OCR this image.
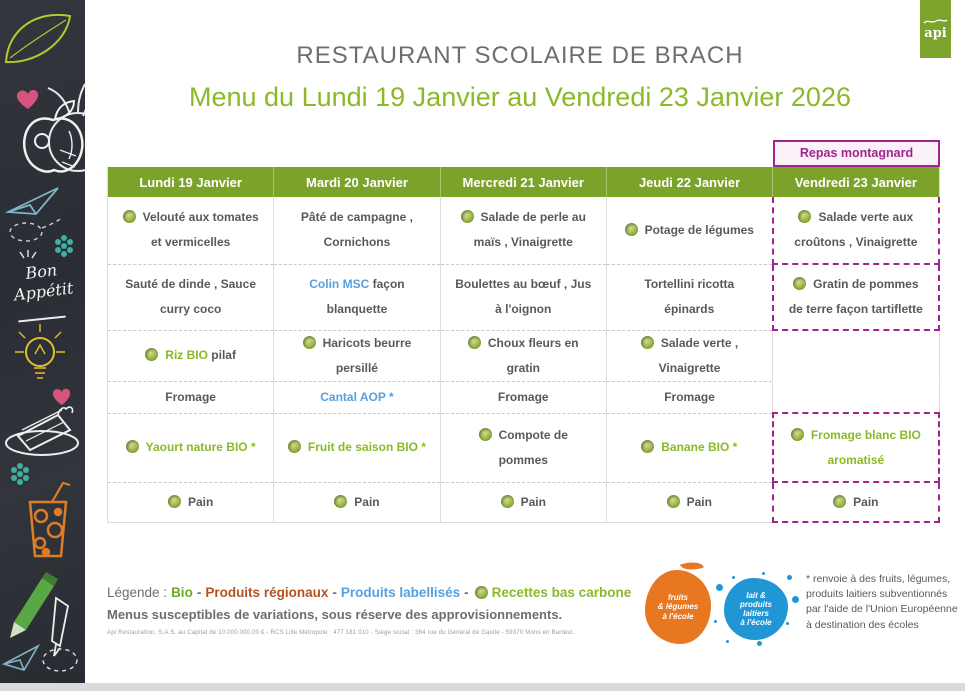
Bon Appétit
api
RESTAURANT SCOLAIRE DE BRACH
Menu du Lundi 19 Janvier au Vendredi 23 Janvier 2026
Repas montagnard
Lundi 19 Janvier	Mardi 20 Janvier	Mercredi 21 Janvier	Jeudi 22 Janvier	Vendredi 23 Janvier
Velouté aux tomates et vermicelles	Pâté de campagne , Cornichons	Salade de perle au maïs , Vinaigrette	Potage de légumes	Salade verte aux croûtons , Vinaigrette
Sauté de dinde , Sauce curry coco	Colin MSC façon blanquette	Boulettes au bœuf , Jus à l'oignon	Tortellini ricotta épinards	Gratin de pommes de terre façon tartiflette
Riz BIO pilaf	Haricots beurre persillé	Choux fleurs en gratin	Salade verte , Vinaigrette	
Fromage	Cantal AOP *	Fromage	Fromage	
Yaourt nature BIO *	Fruit de saison BIO *	Compote de pommes	Banane BIO *	Fromage blanc BIO aromatisé
Pain	Pain	Pain	Pain	Pain
Légende : Bio - Produits régionaux - Produits labellisés - Recettes bas carbone

Menus susceptibles de variations, sous réserve des approvisionnements.

Api Restauration, S.A.S. au Capital de 10.000.000,00 € - RCS Lille Métropole : 477 181 010 - Siège social : 384 rue du Général de Gaulle - 59370 Mons en Barœul.

fruits
& légumes
à l'école
lait &
produits
laitiers
à l'école

* renvoie à des fruits, légumes, produits laitiers subventionnés par l'aide de l'Union Européenne à destination des écoles
